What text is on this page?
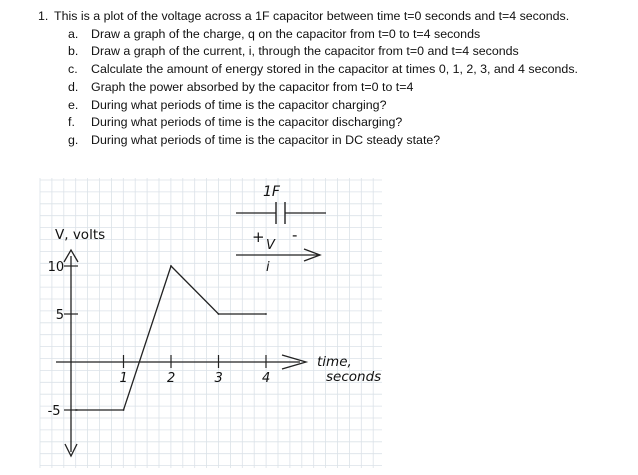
1. This is a plot of the voltage across a 1F capacitor between time t=0 seconds and t=4 seconds.
a. Draw a graph of the charge, q on the capacitor from t=0 to t=4 seconds
b. Draw a graph of the current, i, through the capacitor from t=0 and t=4 seconds
c. Calculate the amount of energy stored in the capacitor at times 0, 1, 2, 3, and 4 seconds.
d. Graph the power absorbed by the capacitor from t=0 to t=4
e. During what periods of time is the capacitor charging?
f. During what periods of time is the capacitor discharging?
g. During what periods of time is the capacitor in DC steady state?
1	2	3	4
10
5
-5
V, volts
time,
seconds
1F
+ V
-
i
